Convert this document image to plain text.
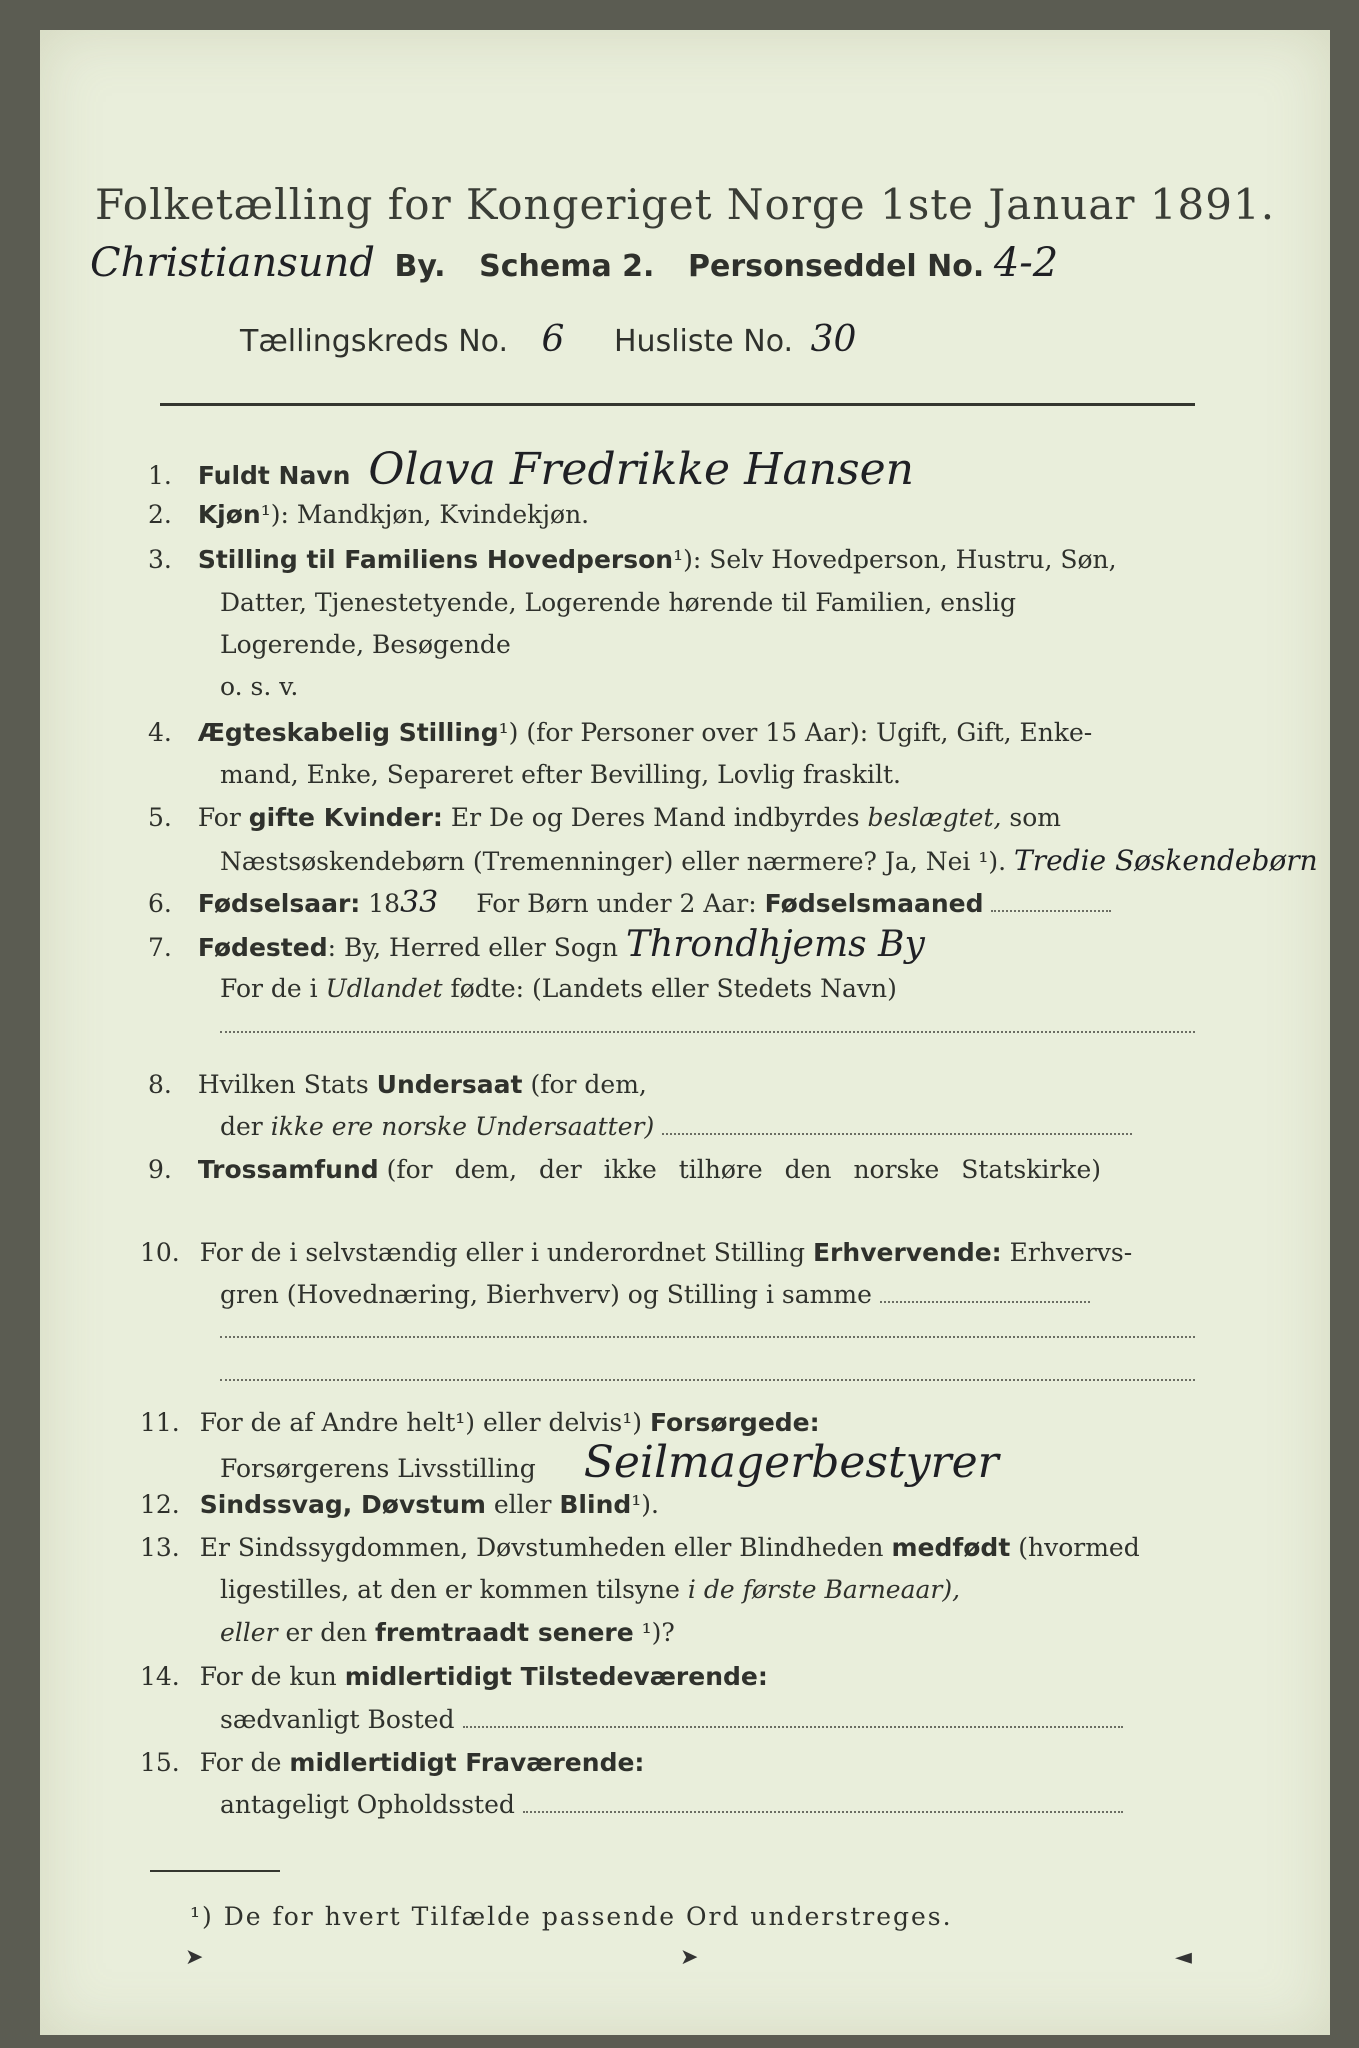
Folketælling for Kongeriget Norge 1ste Januar 1891.
Christiansund By. Schema 2. Personseddel No. 4-2
Tællingskreds No. 6 Husliste No. 30
1. Fuldt Navn Olava Fredrikke Hansen
2. Kjøn¹): Mandkjøn, Kvindekjøn.
3. Stilling til Familiens Hovedperson¹): Selv Hovedperson, Hustru, Søn,
Datter, Tjenestetyende, Logerende hørende til Familien, enslig
Logerende, Besøgende
o. s. v.
4. Ægteskabelig Stilling¹) (for Personer over 15 Aar): Ugift, Gift, Enke-
mand, Enke, Separeret efter Bevilling, Lovlig fraskilt.
5. For gifte Kvinder: Er De og Deres Mand indbyrdes beslægtet, som
Næstsøskendebørn (Tremenninger) eller nærmere? Ja, Nei ¹). Tredie Søskendebørn
6. Fødselsaar: 1833 For Børn under 2 Aar: Fødselsmaaned
7. Fødested: By, Herred eller Sogn Throndhjems By
For de i Udlandet fødte: (Landets eller Stedets Navn)
8. Hvilken Stats Undersaat (for dem,
der ikke ere norske Undersaatter)
9. Trossamfund (for dem, der ikke tilhøre den norske Statskirke)
10. For de i selvstændig eller i underordnet Stilling Erhvervende: Erhvervs-
gren (Hovednæring, Bierhverv) og Stilling i samme
11. For de af Andre helt¹) eller delvis¹) Forsørgede:
Forsørgerens Livsstilling Seilmagerbestyrer
12. Sindssvag, Døvstum eller Blind¹).
13. Er Sindssygdommen, Døvstumheden eller Blindheden medfødt (hvormed
ligestilles, at den er kommen tilsyne i de første Barneaar),
eller er den fremtraadt senere ¹)?
14. For de kun midlertidigt Tilstedeværende:
sædvanligt Bosted
15. For de midlertidigt Fraværende:
antageligt Opholdssted
¹) De for hvert Tilfælde passende Ord understreges.
➤	➤	◄
